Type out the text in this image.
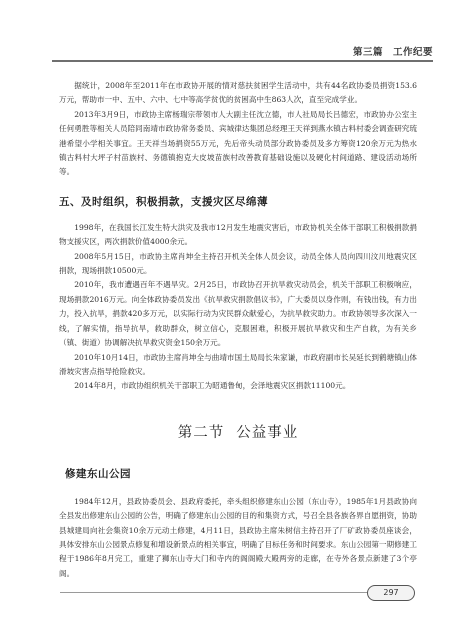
第三篇 工作纪要

据统计，2008年至2011年在市政协开展的情对慈扶贫困学生活动中，共有44名政协委员捐资153.6万元，帮助市一中、五中、六中、七中等高学贫优的贫困高中生863人次，直至完成学业。

2013年3月9日，市政协主席杨瑞宗带领市人大副主任沈立德，市人社局局长吕德宏，市政协办公室主任何勇胜等相关人员陪同南靖市政协常务委员、宾城律达集团总经理王天祥到燕水镇古料村委会调查研究琉港希望小学相关事宜。王天祥当场捐资55万元，先后帝头动员部分政协委员及多方筹资120余万元为热水镇古料村大坪子村苗族村、务德镇抱克大皮坡苗族村改善教育基础设施以及硬化村间道路、建设活动场所等。

五、及时组织，积极捐款，支援灾区尽绵薄

1998年，在我国长江发生特大洪灾及我市12月发生地震灾害后，市政协机关全体干部职工积极捐款捐物支援灾区，两次捐款价值4000余元。

2008年5月15日，市政协主席肖坤全主持召开机关全体人员会议，动员全体人员向四川汶川地震灾区捐款，现场捐款10500元。

2010年，我市遭遇百年不遇旱灾。2月25日，市政协召开抗旱救灾动员会，机关干部职工积极响应，现场捐款2016万元。向全体政协委员发出《抗旱救灾捐款倡议书》，广大委员以身作则，有钱出钱，有力出力，投入抗旱，捐款420多万元，以实际行动为灾民群众献爱心，为抗旱救灾助力。市政协领导多次深入一线，了解实情，指导抗旱，救助群众，树立信心，克服困难，积极开展抗旱救灾和生产自救，为有关乡（镇、街道）协调解决抗旱救灾资金150余万元。

2010年10月14日，市政协主席肖坤全与曲靖市国土局局长朱家谦，市政府副市长吴延长到鹤塘镇山体滑坡灾害点指导抢险救灾。

2014年8月，市政协组织机关干部职工为昭通鲁甸，会泽地震灾区捐款11100元。

第二节 公益事业
修建东山公园

1984年12月，县政协委员会、县政府委托，牵头组织修建东山公园（东山寺），1985年1月县政协向全县发出修建东山公园的公告，明确了修建东山公园的目的和集资方式，号召全县各族各界自愿捐资，协助县城建局向社会集资10余万元动土修建，4月11日，县政协主席朱树信主持召开了厂矿政协委员座谈会，具体安排东山公园景点修复和增设新景点的相关事宜，明确了目标任务和时间要求。东山公园第一期修建工程于1986年8月完工，重建了狮东山寺大门和寺内的阁阁殿大殿两旁的走廊，在寺外各景点新建了3个亭阁。

297
